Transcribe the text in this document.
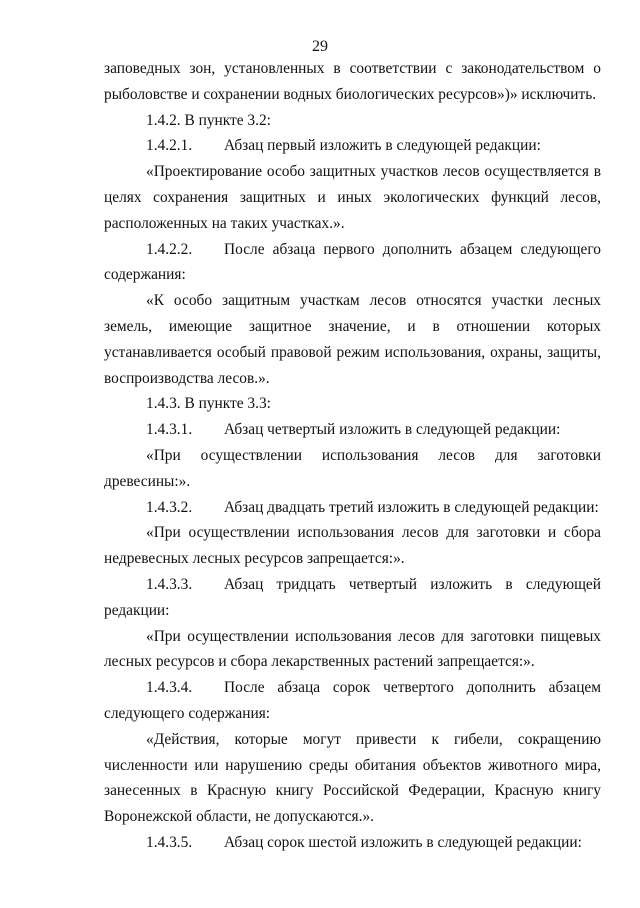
29

заповедных зон, установленных в соответствии с законодательством о рыболовстве и сохранении водных биологических ресурсов»)» исключить.

1.4.2. В пункте 3.2:

1.4.2.1. Абзац первый изложить в следующей редакции:

«Проектирование особо защитных участков лесов осуществляется в целях сохранения защитных и иных экологических функций лесов, расположенных на таких участках.».

1.4.2.2. После абзаца первого дополнить абзацем следующего содержания:

«К особо защитным участкам лесов относятся участки лесных земель, имеющие защитное значение, и в отношении которых устанавливается особый правовой режим использования, охраны, защиты, воспроизводства лесов.».

1.4.3. В пункте 3.3:

1.4.3.1. Абзац четвертый изложить в следующей редакции:

«При осуществлении использования лесов для заготовки древесины:».

1.4.3.2. Абзац двадцать третий изложить в следующей редакции:

«При осуществлении использования лесов для заготовки и сбора недревесных лесных ресурсов запрещается:».

1.4.3.3. Абзац тридцать четвертый изложить в следующей редакции:

«При осуществлении использования лесов для заготовки пищевых лесных ресурсов и сбора лекарственных растений запрещается:».

1.4.3.4. После абзаца сорок четвертого дополнить абзацем следующего содержания:

«Действия, которые могут привести к гибели, сокращению численности или нарушению среды обитания объектов животного мира, занесенных в Красную книгу Российской Федерации, Красную книгу Воронежской области, не допускаются.».

1.4.3.5. Абзац сорок шестой изложить в следующей редакции:
